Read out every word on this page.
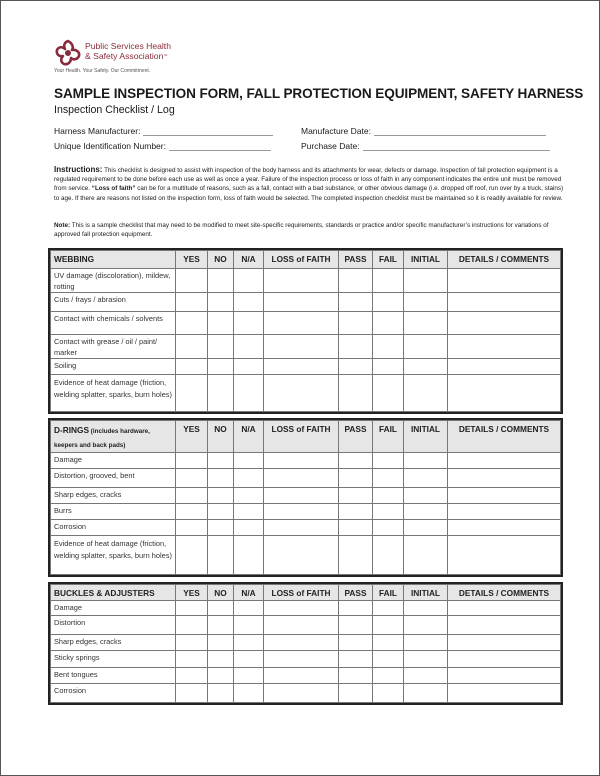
Public Services Health
& Safety Association™
Your Health. Your Safety. Our Commitment.
SAMPLE INSPECTION FORM, FALL PROTECTION EQUIPMENT, SAFETY HARNESS
Inspection Checklist / Log
Harness Manufacturer:	Manufacture Date:
Unique Identification Number:	Purchase Date:
Instructions: This checklist is designed to assist with inspection of the body harness and its attachments for wear, defects or damage. Inspection of fall protection equipment is a regulated requirement to be done before each use as well as once a year. Failure of the inspection process or loss of faith in any component indicates the entire unit must be removed from service. “Loss of faith” can be for a multitude of reasons, such as a fall, contact with a bad substance, or other obvious damage (i.e. dropped off roof, run over by a truck, stains) to age. If there are reasons not listed on the inspection form, loss of faith would be selected. The completed inspection checklist must be maintained so it is readily available for review.
Note: This is a sample checklist that may need to be modified to meet site-specific requirements, standards or practice and/or specific manufacturer’s instructions for variations of approved fall protection equipment.
WEBBING	YES	NO	N/A	LOSS of FAITH	PASS	FAIL	INITIAL	DETAILS / COMMENTS
UV damage (discoloration), mildew, rotting								
Cuts / frays / abrasion								
Contact with chemicals / solvents								
Contact with grease / oil / paint/ marker								
Soiling								
Evidence of heat damage (friction, welding splatter, sparks, burn holes)								
D-RINGS (includes hardware, keepers and back pads)	YES	NO	N/A	LOSS of FAITH	PASS	FAIL	INITIAL	DETAILS / COMMENTS
Damage								
Distortion, grooved, bent								
Sharp edges, cracks								
Burrs								
Corrosion								
Evidence of heat damage (friction, welding splatter, sparks, burn holes)								
BUCKLES & ADJUSTERS	YES	NO	N/A	LOSS of FAITH	PASS	FAIL	INITIAL	DETAILS / COMMENTS
Damage								
Distortion								
Sharp edges, cracks								
Sticky springs								
Bent tongues								
Corrosion								
